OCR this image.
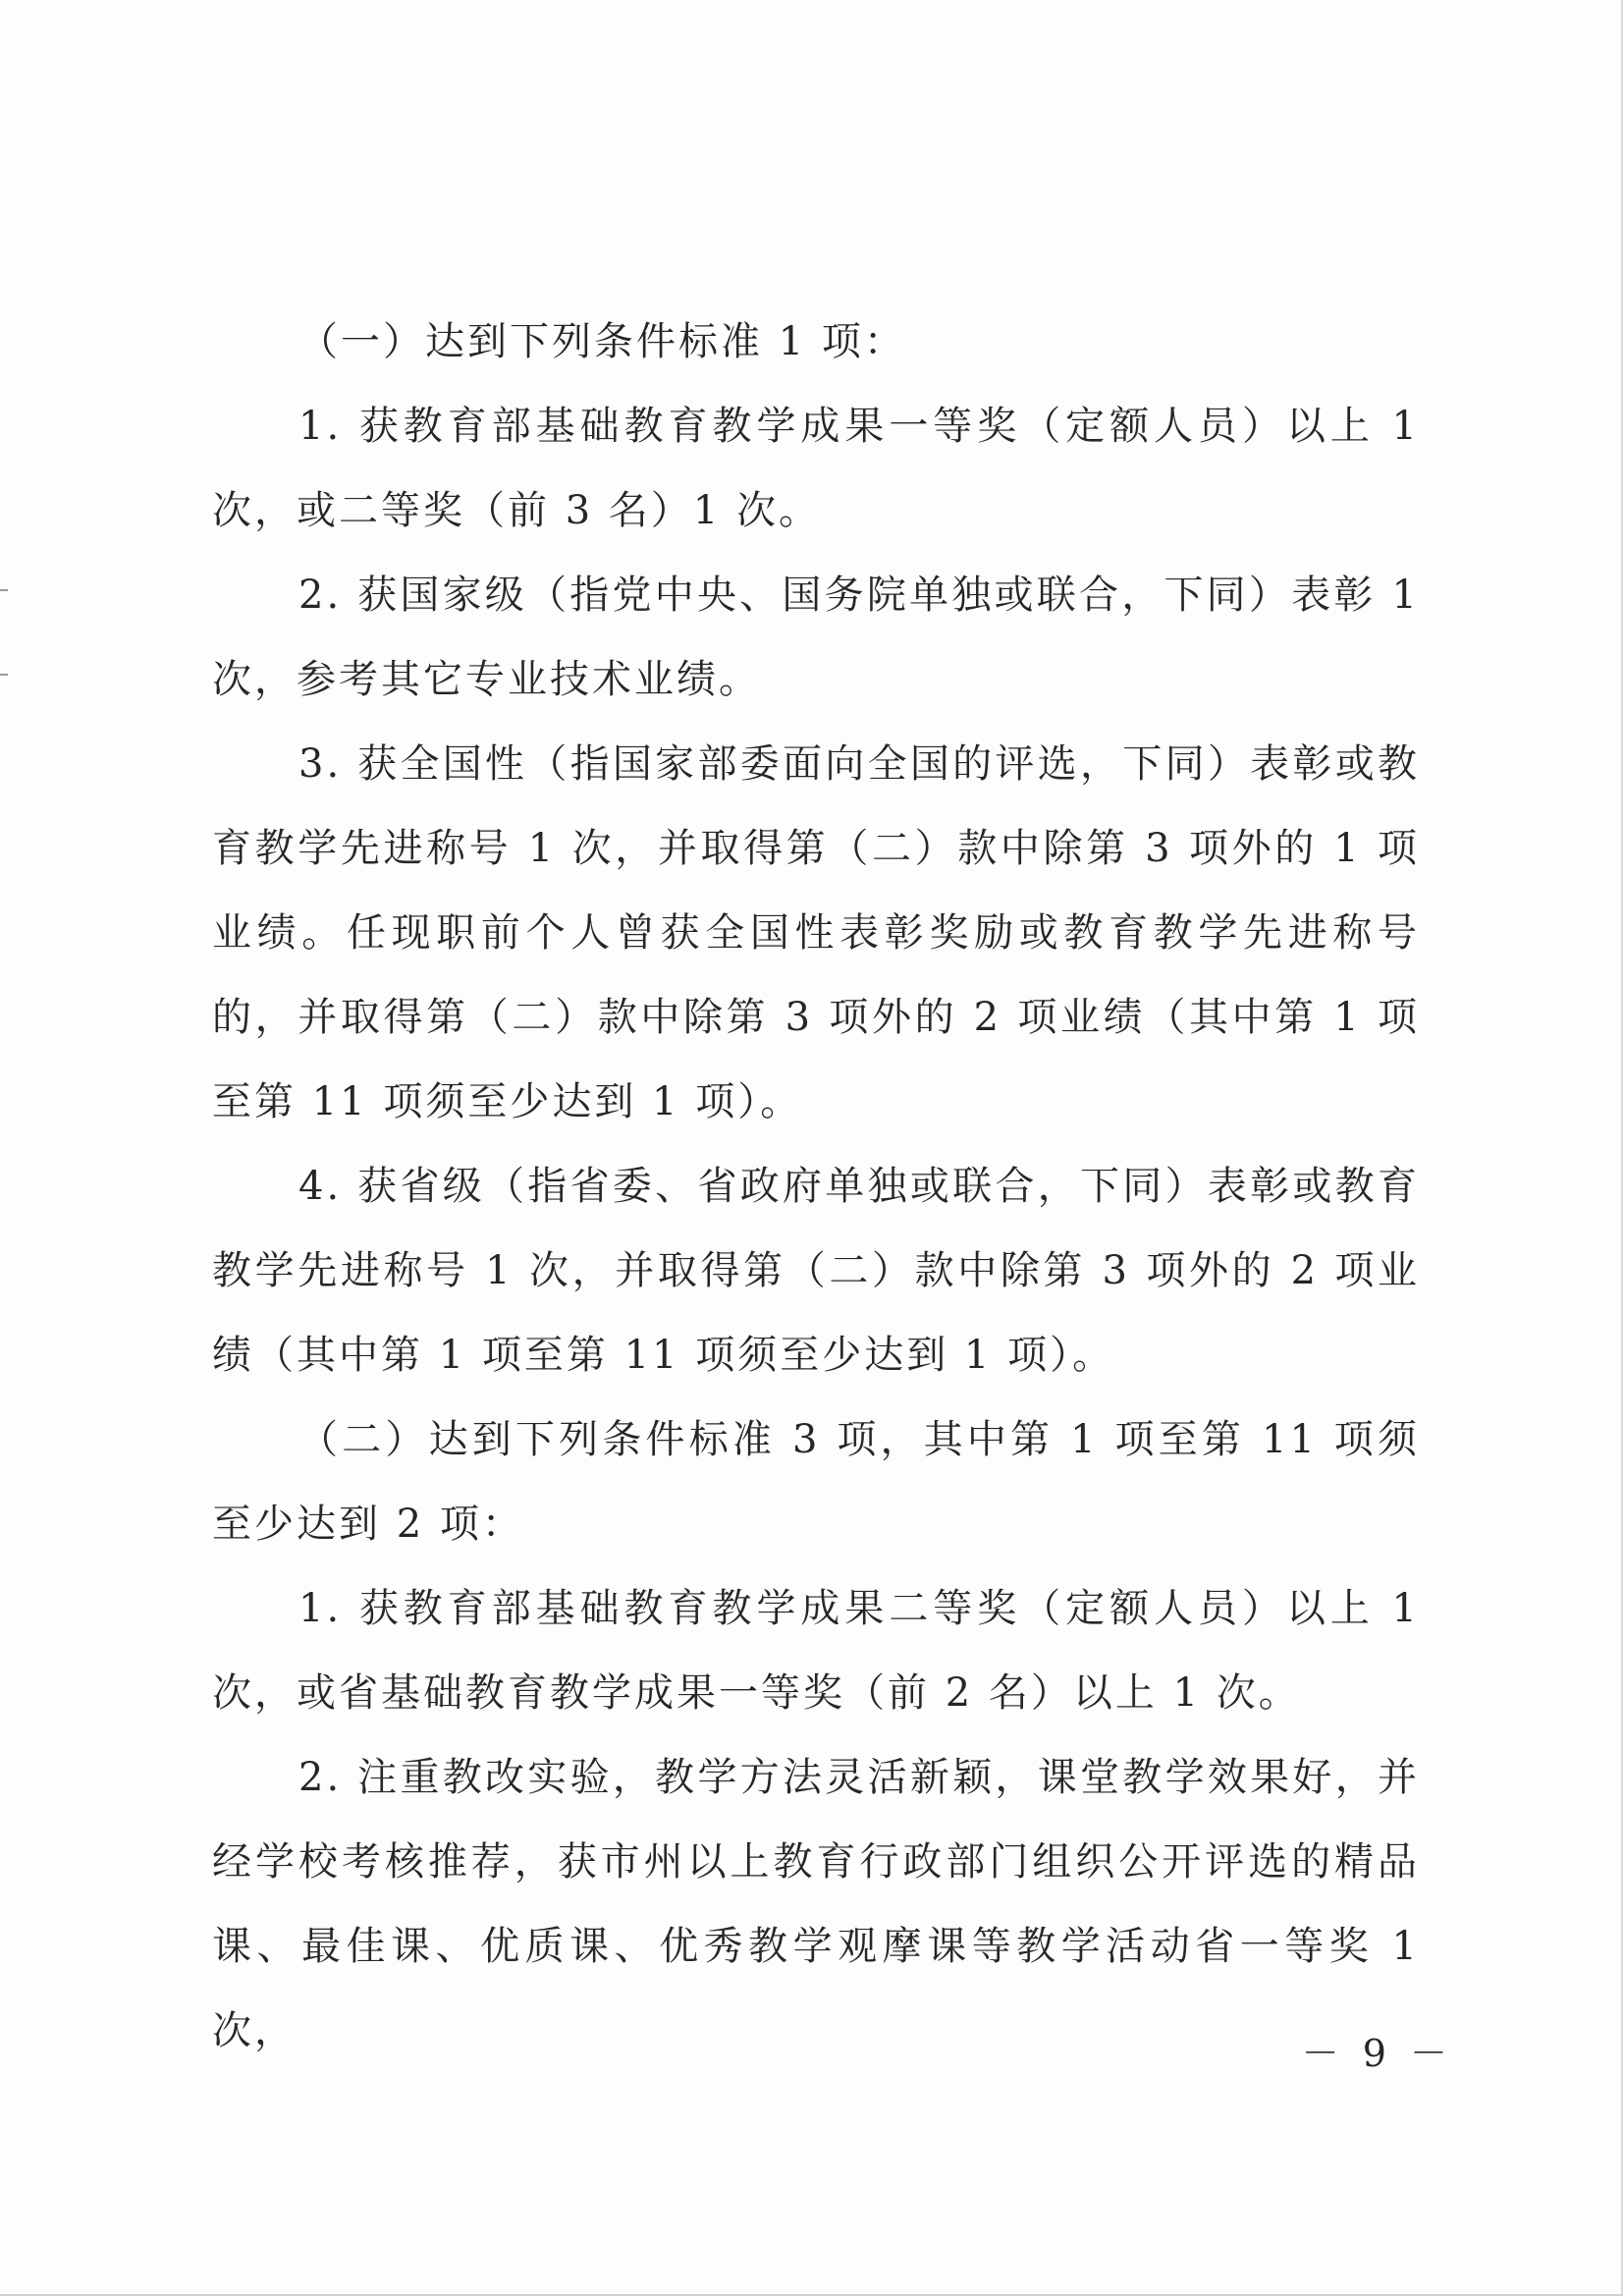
（一）达到下列条件标准 1 项：

1. 获教育部基础教育教学成果一等奖（定额人员）以上 1 次，或二等奖（前 3 名）1 次。

2. 获国家级（指党中央、国务院单独或联合，下同）表彰 1 次，参考其它专业技术业绩。

3. 获全国性（指国家部委面向全国的评选，下同）表彰或教育教学先进称号 1 次，并取得第（二）款中除第 3 项外的 1 项业绩。任现职前个人曾获全国性表彰奖励或教育教学先进称号的，并取得第（二）款中除第 3 项外的 2 项业绩（其中第 1 项至第 11 项须至少达到 1 项）。

4. 获省级（指省委、省政府单独或联合，下同）表彰或教育教学先进称号 1 次，并取得第（二）款中除第 3 项外的 2 项业绩（其中第 1 项至第 11 项须至少达到 1 项）。

（二）达到下列条件标准 3 项，其中第 1 项至第 11 项须至少达到 2 项：

1. 获教育部基础教育教学成果二等奖（定额人员）以上 1 次，或省基础教育教学成果一等奖（前 2 名）以上 1 次。

2. 注重教改实验，教学方法灵活新颖，课堂教学效果好，并经学校考核推荐，获市州以上教育行政部门组织公开评选的精品课、最佳课、优质课、优秀教学观摩课等教学活动省一等奖 1 次，	－ 9 －
